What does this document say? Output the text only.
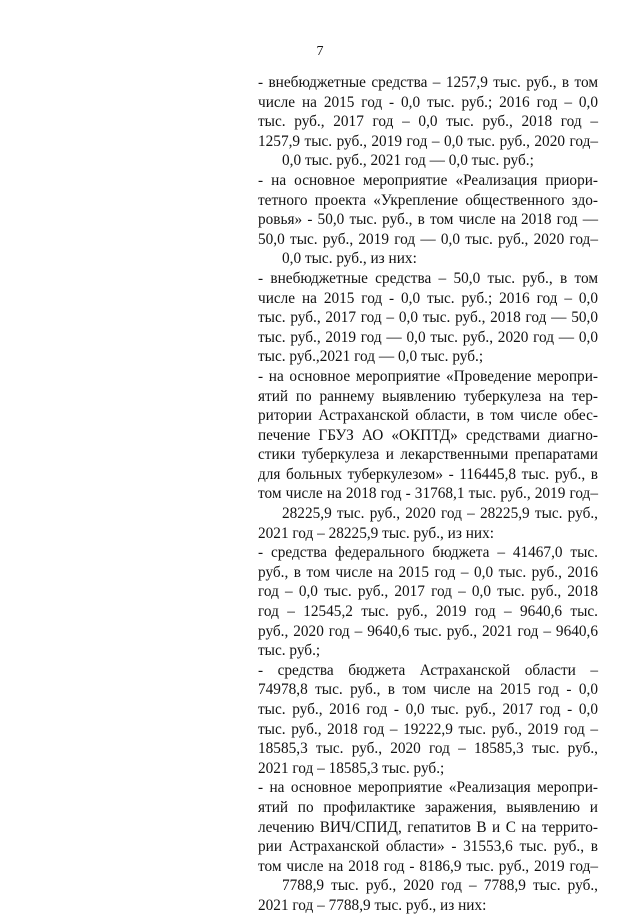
7
- внебюджетные средства – 1257,9 тыс. руб., в том
числе на 2015 год - 0,0 тыс. руб.; 2016 год – 0,0
тыс. руб., 2017 год – 0,0 тыс. руб., 2018 год –
1257,9 тыс. руб., 2019 год – 0,0 тыс. руб., 2020 год–
0,0 тыс. руб., 2021 год — 0,0 тыс. руб.;
- на основное мероприятие «Реализация приори-
тетного проекта «Укрепление общественного здо-
ровья» - 50,0 тыс. руб., в том числе на 2018 год —
50,0 тыс. руб., 2019 год — 0,0 тыс. руб., 2020 год–
0,0 тыс. руб., из них:
- внебюджетные средства – 50,0 тыс. руб., в том
числе на 2015 год - 0,0 тыс. руб.; 2016 год – 0,0
тыс. руб., 2017 год – 0,0 тыс. руб., 2018 год — 50,0
тыс. руб., 2019 год — 0,0 тыс. руб., 2020 год — 0,0
тыс. руб.,2021 год — 0,0 тыс. руб.;
- на основное мероприятие «Проведение меропри-
ятий по раннему выявлению туберкулеза на тер-
ритории Астраханской области, в том числе обес-
печение ГБУЗ АО «ОКПТД» средствами диагно-
стики туберкулеза и лекарственными препаратами
для больных туберкулезом» - 116445,8 тыс. руб., в
том числе на 2018 год - 31768,1 тыс. руб., 2019 год–
28225,9 тыс. руб., 2020 год – 28225,9 тыс. руб.,
2021 год – 28225,9 тыс. руб., из них:
- средства федерального бюджета – 41467,0 тыс.
руб., в том числе на 2015 год – 0,0 тыс. руб., 2016
год – 0,0 тыс. руб., 2017 год – 0,0 тыс. руб., 2018
год – 12545,2 тыс. руб., 2019 год – 9640,6 тыс.
руб., 2020 год – 9640,6 тыс. руб., 2021 год – 9640,6
тыс. руб.;
- средства бюджета Астраханской области –
74978,8 тыс. руб., в том числе на 2015 год - 0,0
тыс. руб., 2016 год - 0,0 тыс. руб., 2017 год - 0,0
тыс. руб., 2018 год – 19222,9 тыс. руб., 2019 год –
18585,3 тыс. руб., 2020 год – 18585,3 тыс. руб.,
2021 год – 18585,3 тыс. руб.;
- на основное мероприятие «Реализация меропри-
ятий по профилактике заражения, выявлению и
лечению ВИЧ/СПИД, гепатитов В и С на террито-
рии Астраханской области» - 31553,6 тыс. руб., в
том числе на 2018 год - 8186,9 тыс. руб., 2019 год–
7788,9 тыс. руб., 2020 год – 7788,9 тыс. руб.,
2021 год – 7788,9 тыс. руб., из них:
